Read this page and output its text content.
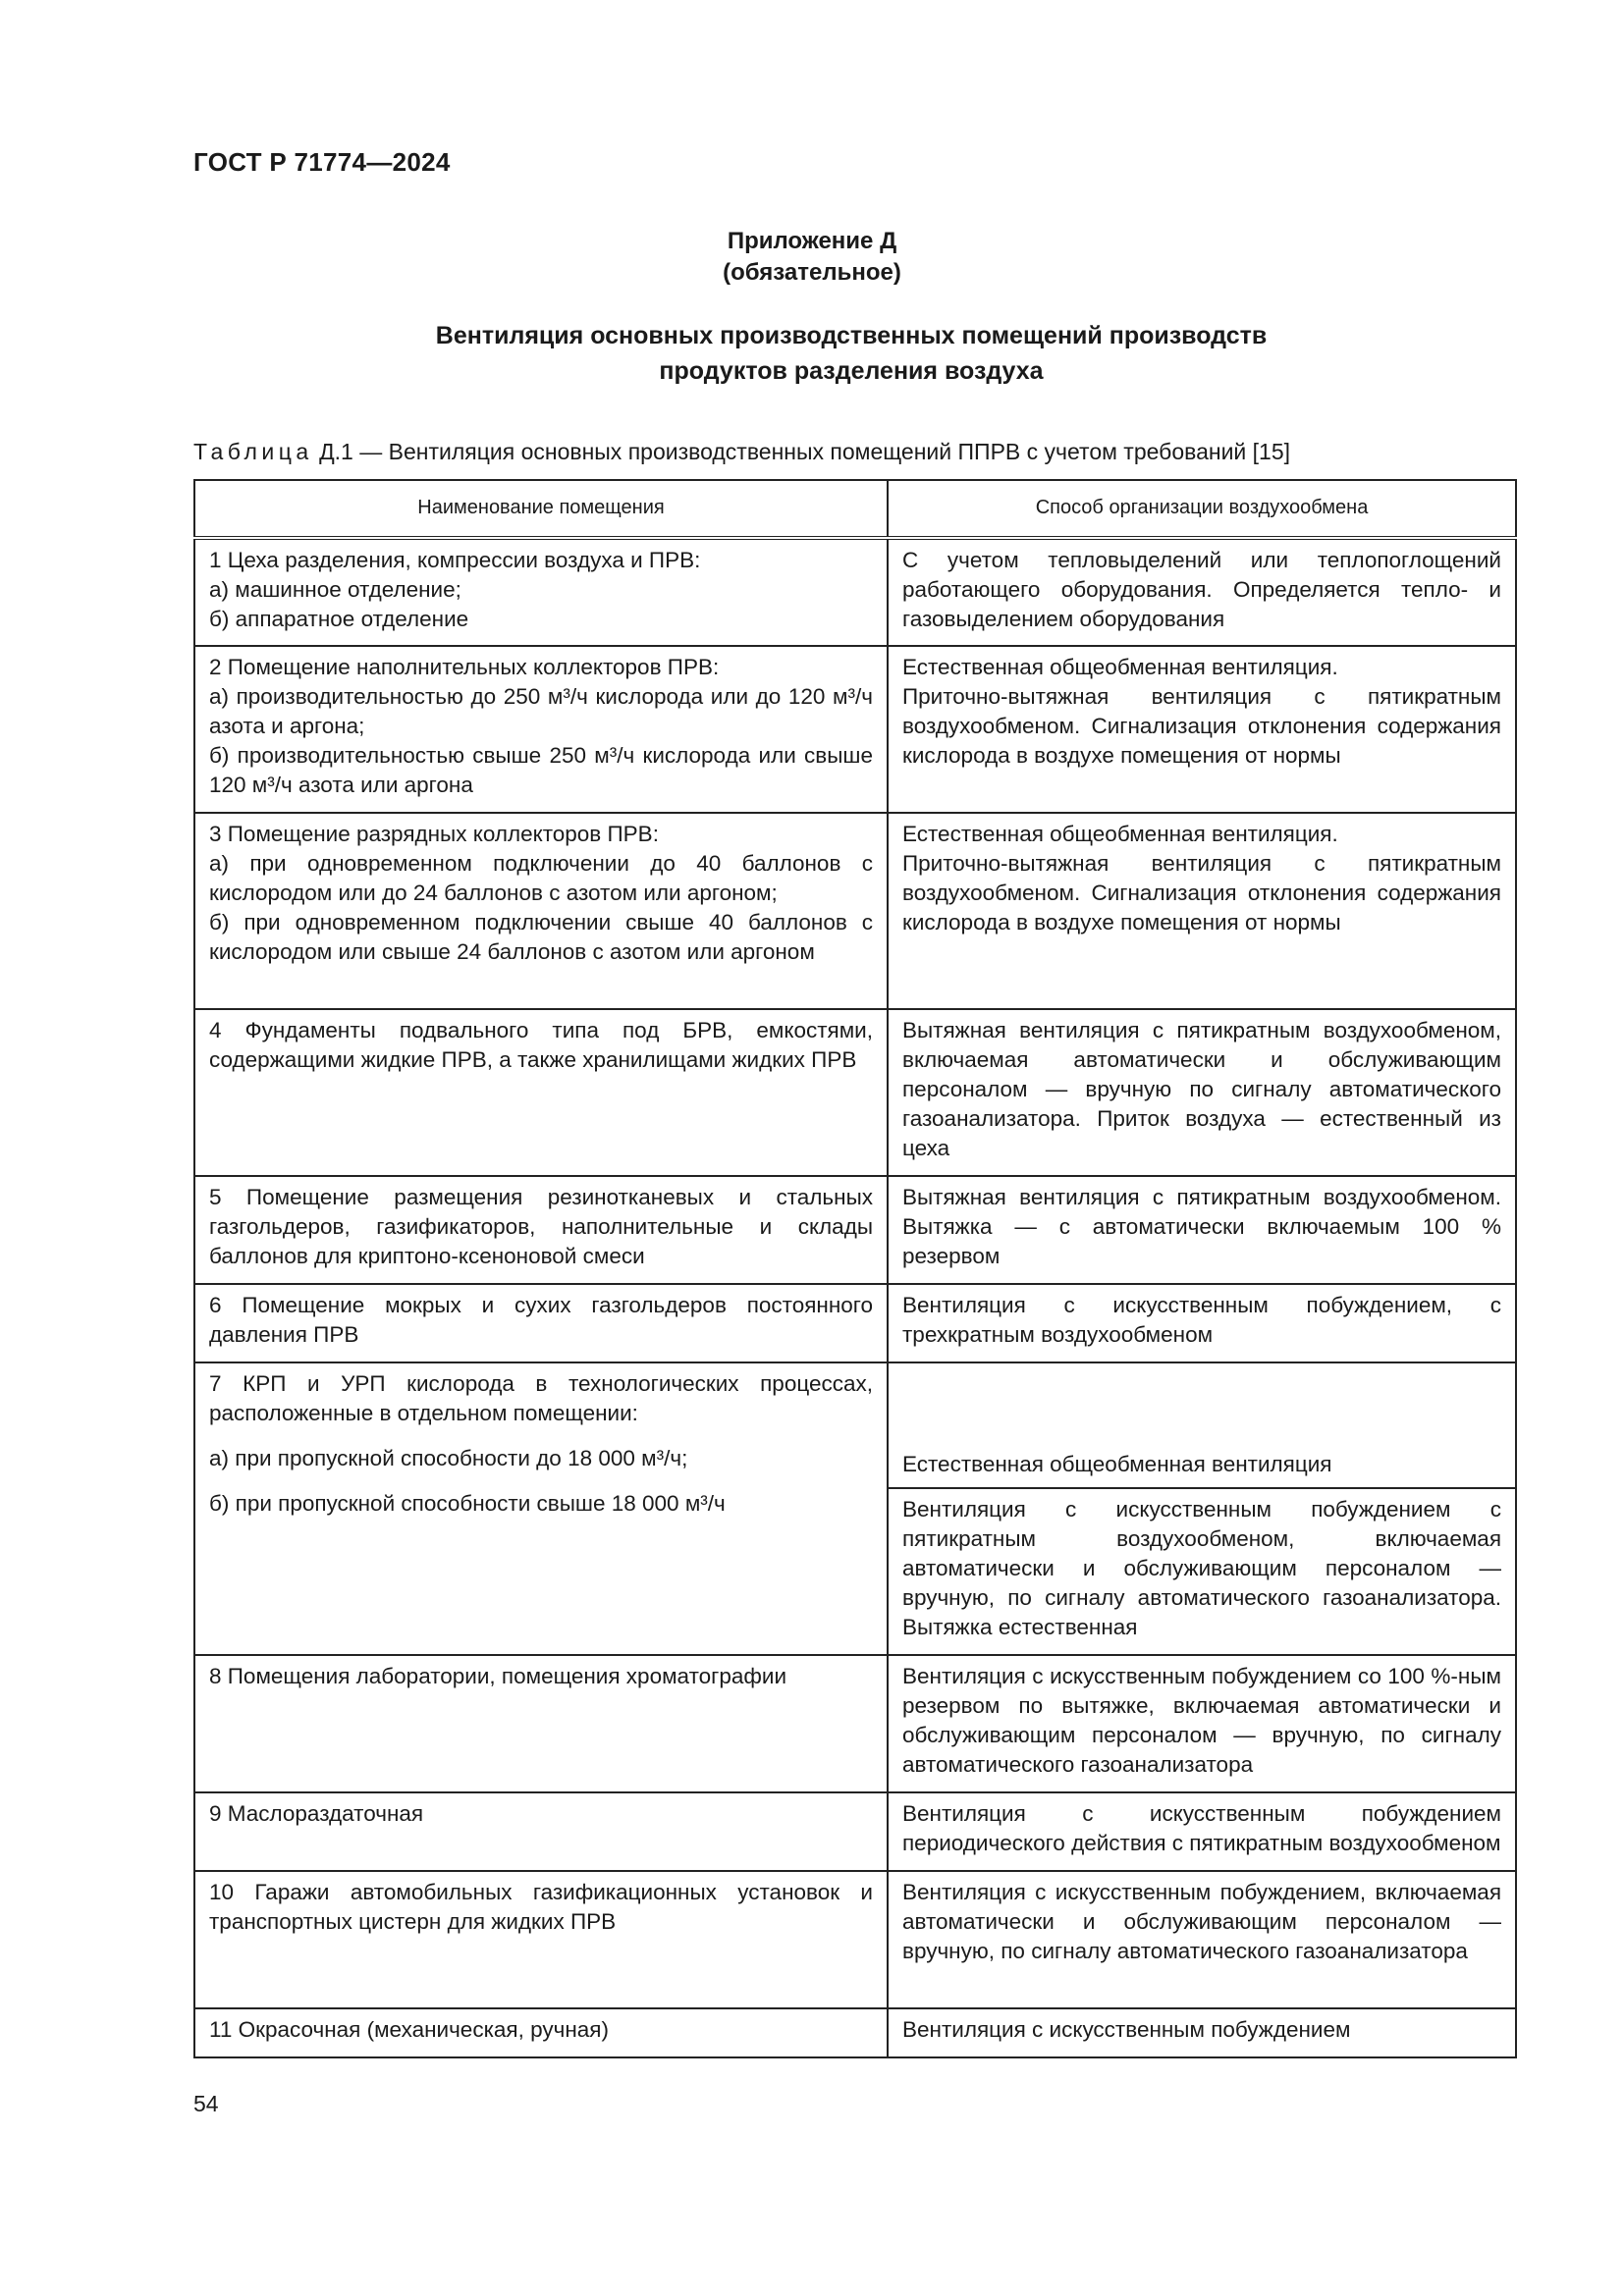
ГОСТ Р 71774—2024
Приложение Д
(обязательное)
Вентиляция основных производственных помещений производств
продуктов разделения воздуха
Таблица Д.1 — Вентиляция основных производственных помещений ППРВ с учетом требований [15]
Наименование помещения	Способ организации воздухообмена

1 Цеха разделения, компрессии воздуха и ПРВ:
а) машинное отделение;
б) аппаратное отделение	С учетом тепловыделений или теплопоглощений работающего оборудования. Определяется тепло- и газовыделением оборудования

2 Помещение наполнительных коллекторов ПРВ:
а) производительностью до 250 м³/ч кислорода или до 120 м³/ч азота и аргона;
б) производительностью свыше 250 м³/ч кислорода или свыше 120 м³/ч азота или аргона	Естественная общеобменная вентиляция.
Приточно-вытяжная вентиляция с пятикратным воздухообменом. Сигнализация отклонения содержания кислорода в воздухе помещения от нормы

3 Помещение разрядных коллекторов ПРВ:
а) при одновременном подключении до 40 баллонов с кислородом или до 24 баллонов с азотом или аргоном;
б) при одновременном подключении свыше 40 баллонов с кислородом или свыше 24 баллонов с азотом или аргоном	Естественная общеобменная вентиляция.
Приточно-вытяжная вентиляция с пятикратным воздухообменом. Сигнализация отклонения содержания кислорода в воздухе помещения от нормы

4 Фундаменты подвального типа под БРВ, емкостями, содержащими жидкие ПРВ, а также хранилищами жидких ПРВ	Вытяжная вентиляция с пятикратным воздухообменом, включаемая автоматически и обслуживающим персоналом — вручную по сигналу автоматического газоанализатора. Приток воздуха — естественный из цеха
5 Помещение размещения резинотканевых и стальных газгольдеров, газификаторов, наполнительные и склады баллонов для криптоно-ксеноновой смеси	Вытяжная вентиляция с пятикратным воздухообменом. Вытяжка — с автоматически включаемым 100 % резервом
6 Помещение мокрых и сухих газгольдеров постоянного давления ПРВ	Вентиляция с искусственным побуждением, с трехкратным воздухообменом

7 КРП и УРП кислорода в технологических процессах, расположенные в отдельном помещении:
а) при пропускной способности до 18 000 м³/ч;
б) при пропускной способности свыше 18 000 м³/ч	Естественная общеобменная вентиляция
	Вентиляция с искусственным побуждением с пятикратным воздухообменом, включаемая автоматически и обслуживающим персоналом — вручную, по сигналу автоматического газоанализатора. Вытяжка естественная
8 Помещения лаборатории, помещения хроматографии	Вентиляция с искусственным побуждением со 100 %-ным резервом по вытяжке, включаемая автоматически и обслуживающим персоналом — вручную, по сигналу автоматического газоанализатора
9 Маслораздаточная	Вентиляция с искусственным побуждением периодического действия с пятикратным воздухообменом
10 Гаражи автомобильных газификационных установок и транспортных цистерн для жидких ПРВ	Вентиляция с искусственным побуждением, включаемая автоматически и обслуживающим персоналом — вручную, по сигналу автоматического газоанализатора
11 Окрасочная (механическая, ручная)	Вентиляция с искусственным побуждением
54
